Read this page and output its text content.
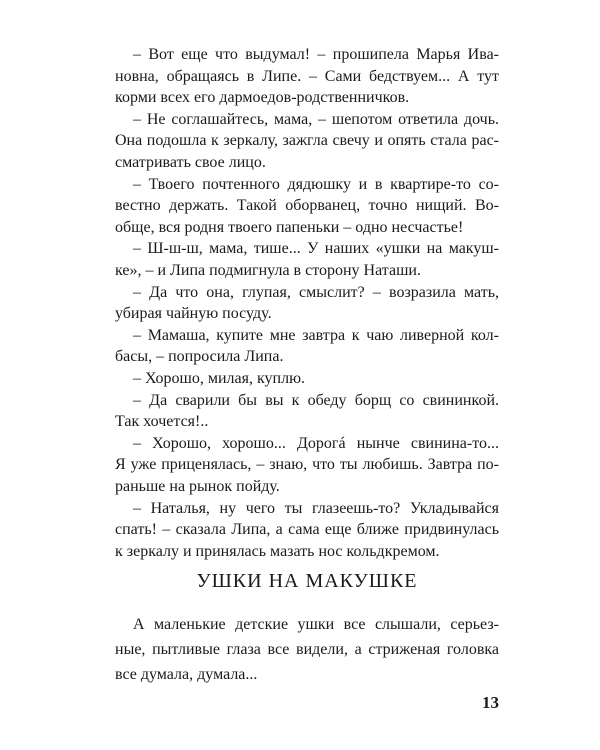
– Вот еще что выдумал! – прошипела Марья Ива-
новна, обращаясь в Липе. – Сами бедствуем... А тут
корми всех его дармоедов-родственничков.
– Не соглашайтесь, мама, – шепотом ответила дочь.
Она подошла к зеркалу, зажгла свечу и опять стала рас-
сматривать свое лицо.
– Твоего почтенного дядюшку и в квартире-то со-
вестно держать. Такой оборванец, точно нищий. Во-
обще, вся родня твоего папеньки – одно несчастье!
– Ш-ш-ш, мама, тише... У наших «ушки на макуш-
ке», – и Липа подмигнула в сторону Наташи.
– Да что она, глупая, смыслит? – возразила мать,
убирая чайную посуду.
– Мамаша, купите мне завтра к чаю ливерной кол-
басы, – попросила Липа.
– Хорошо, милая, куплю.
– Да сварили бы вы к обеду борщ со свининкой.
Так хочется!..
– Хорошо, хорошо... Дорогá нынче свинина-то...
Я уже приценялась, – знаю, что ты любишь. Завтра по-
раньше на рынок пойду.
– Наталья, ну чего ты глазеешь-то? Укладывайся
спать! – сказала Липа, а сама еще ближе придвинулась
к зеркалу и принялась мазать нос кольдкремом.
УШКИ НА МАКУШКЕ
А маленькие детские ушки все слышали, серьез-
ные, пытливые глаза все видели, а стриженая головка
все думала, думала...
13
